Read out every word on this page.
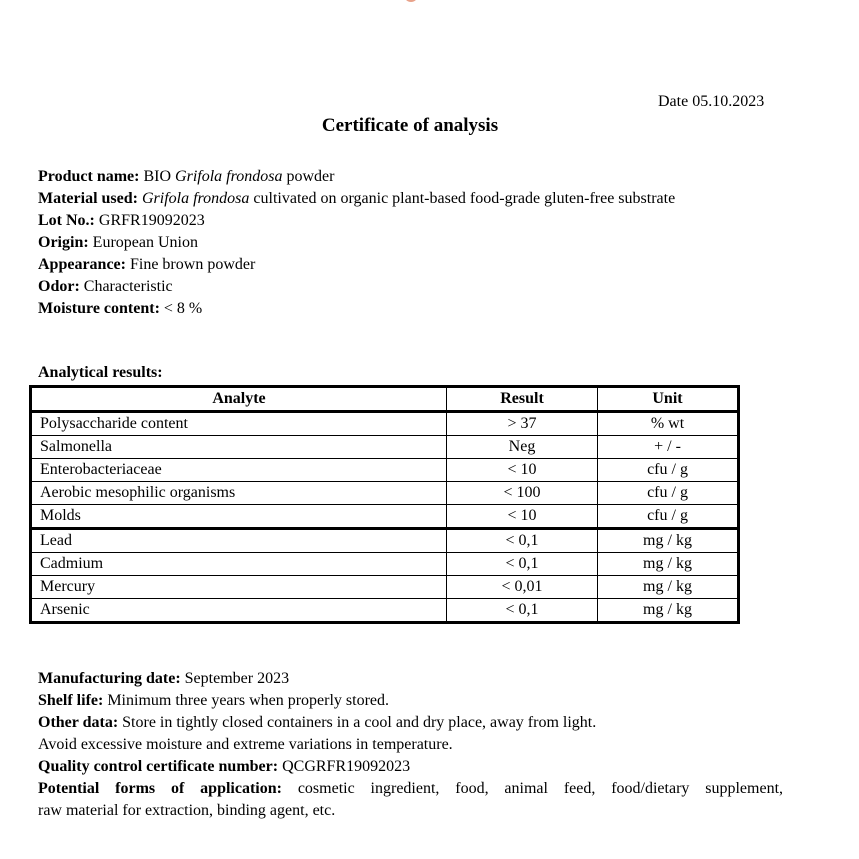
Date 05.10.2023
Certificate of analysis
Product name: BIO Grifola frondosa powder
Material used: Grifola frondosa cultivated on organic plant-based food-grade gluten-free substrate
Lot No.: GRFR19092023
Origin: European Union
Appearance: Fine brown powder
Odor: Characteristic
Moisture content: < 8 %
Analytical results:
Analyte	Result	Unit
Polysaccharide content	> 37	% wt
Salmonella	Neg	+ / -
Enterobacteriaceae	< 10	cfu / g
Aerobic mesophilic organisms	< 100	cfu / g
Molds	< 10	cfu / g
Lead	< 0,1	mg / kg
Cadmium	< 0,1	mg / kg
Mercury	< 0,01	mg / kg
Arsenic	< 0,1	mg / kg
Manufacturing date: September 2023
Shelf life: Minimum three years when properly stored.
Other data: Store in tightly closed containers in a cool and dry place, away from light.
Avoid excessive moisture and extreme variations in temperature.
Quality control certificate number: QCGRFR19092023
Potential forms of application: cosmetic ingredient, food, animal feed, food/dietary supplement,
raw material for extraction, binding agent, etc.
